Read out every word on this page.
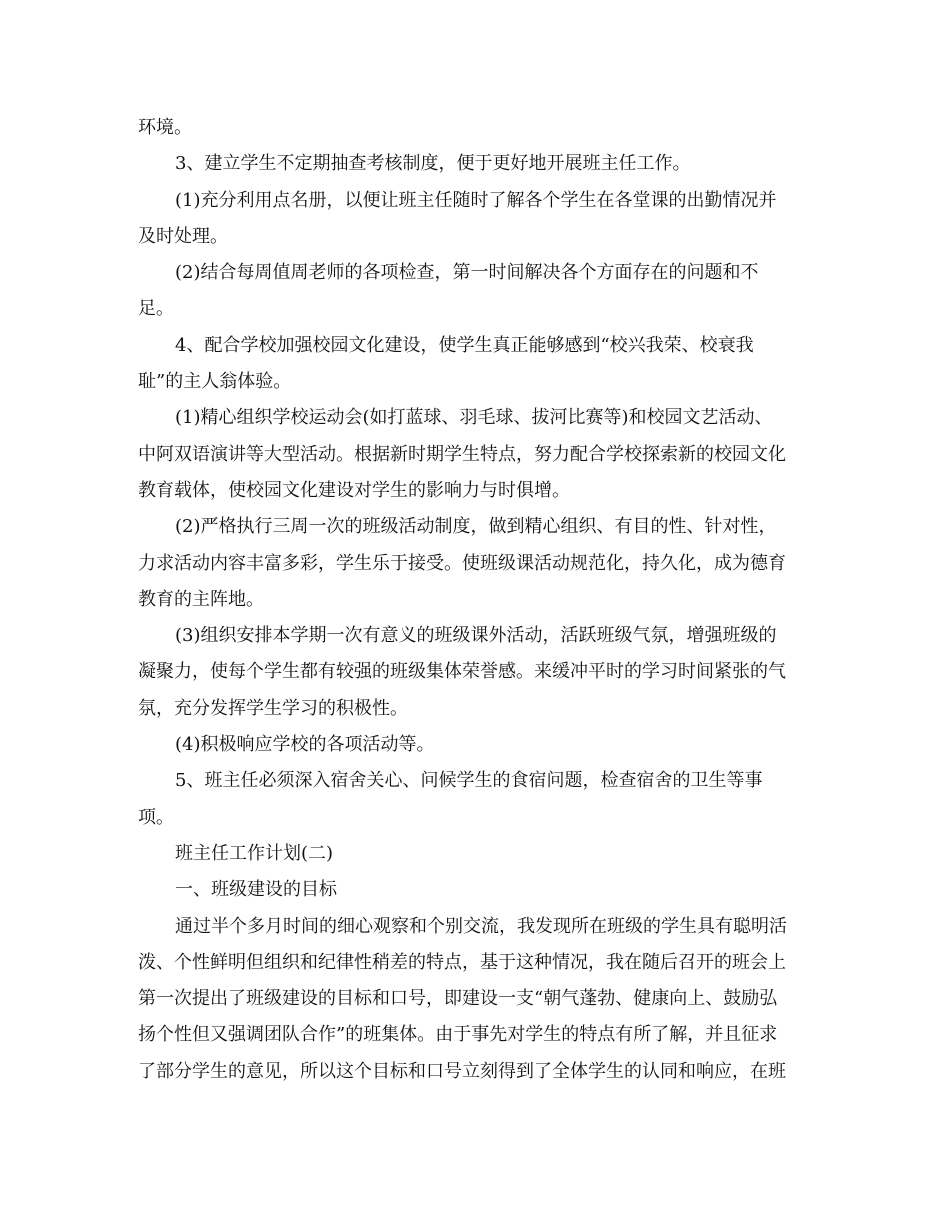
环境。
3、建立学生不定期抽查考核制度，便于更好地开展班主任工作。
(1)充分利用点名册，以便让班主任随时了解各个学生在各堂课的出勤情况并
及时处理。
(2)结合每周值周老师的各项检查，第一时间解决各个方面存在的问题和不
足。
4、配合学校加强校园文化建设，使学生真正能够感到“校兴我荣、校衰我
耻”的主人翁体验。
(1)精心组织学校运动会(如打蓝球、羽毛球、拔河比赛等)和校园文艺活动、
中阿双语演讲等大型活动。根据新时期学生特点，努力配合学校探索新的校园文化
教育载体，使校园文化建设对学生的影响力与时俱增。
(2)严格执行三周一次的班级活动制度，做到精心组织、有目的性、针对性，
力求活动内容丰富多彩，学生乐于接受。使班级课活动规范化，持久化，成为德育
教育的主阵地。
(3)组织安排本学期一次有意义的班级课外活动，活跃班级气氛，增强班级的
凝聚力，使每个学生都有较强的班级集体荣誉感。来缓冲平时的学习时间紧张的气
氛，充分发挥学生学习的积极性。
(4)积极响应学校的各项活动等。
5、班主任必须深入宿舍关心、问候学生的食宿问题，检查宿舍的卫生等事
项。
班主任工作计划(二)
一、班级建设的目标
通过半个多月时间的细心观察和个别交流，我发现所在班级的学生具有聪明活
泼、个性鲜明但组织和纪律性稍差的特点，基于这种情况，我在随后召开的班会上
第一次提出了班级建设的目标和口号，即建设一支“朝气蓬勃、健康向上、鼓励弘
扬个性但又强调团队合作”的班集体。由于事先对学生的特点有所了解，并且征求
了部分学生的意见，所以这个目标和口号立刻得到了全体学生的认同和响应，在班
